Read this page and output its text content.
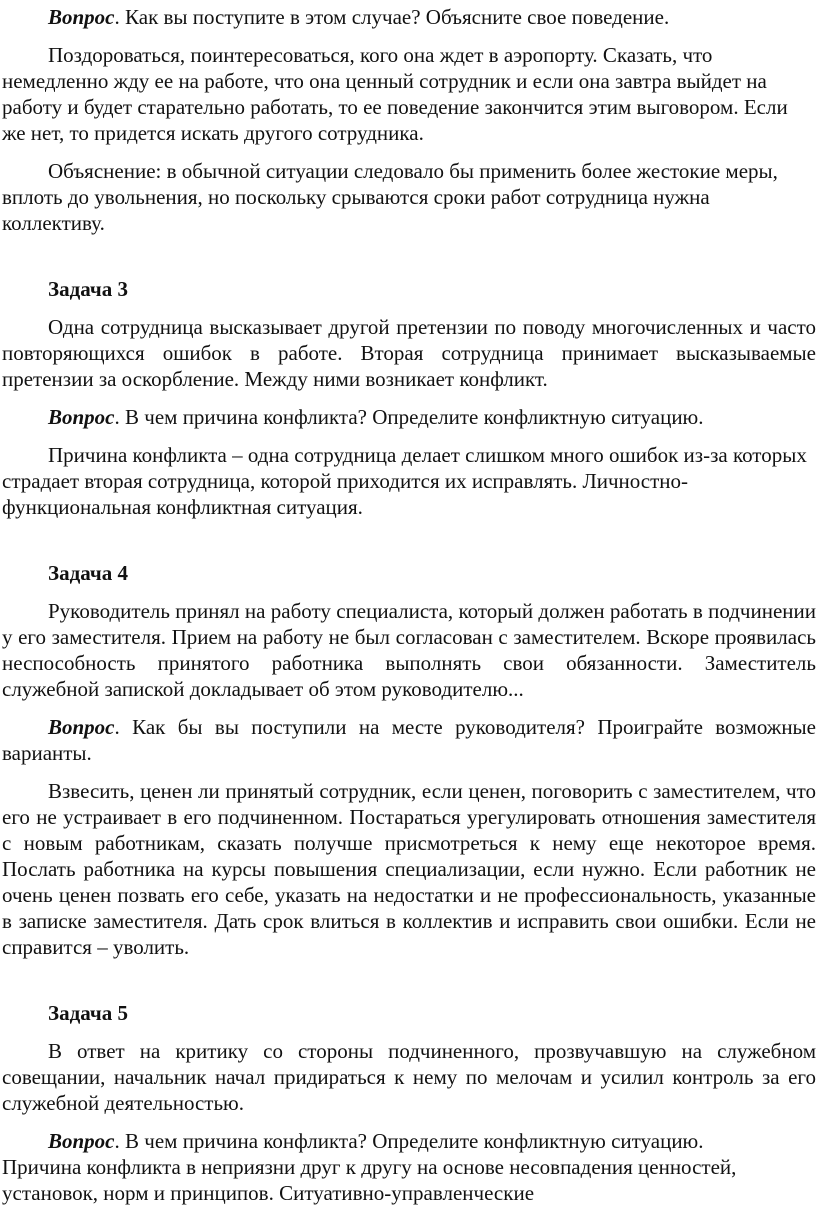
Вопрос. Как вы поступите в этом случае? Объясните свое поведение.

Поздороваться, поинтересоваться, кого она ждет в аэропорту. Сказать, что немедленно жду ее на работе, что она ценный сотрудник и если она завтра выйдет на работу и будет старательно работать, то ее поведение закончится этим выговором. Если же нет, то придется искать другого сотрудника.

Объяснение: в обычной ситуации следовало бы применить более жестокие меры, вплоть до увольнения, но поскольку срываются сроки работ сотрудница нужна коллективу.

Задача 3

Одна сотрудница высказывает другой претензии по поводу многочисленных и часто повторяющихся ошибок в работе. Вторая сотрудница принимает высказываемые претензии за оскорбление. Между ними возникает конфликт.

Вопрос. В чем причина конфликта? Определите конфликтную ситуацию.

Причина конфликта – одна сотрудница делает слишком много ошибок из-за которых страдает вторая сотрудница, которой приходится их исправлять. Личностно-функциональная конфликтная ситуация.

Задача 4

Руководитель принял на работу специалиста, который должен работать в подчинении у его заместителя. Прием на работу не был согласован с заместителем. Вскоре проявилась неспособность принятого работника выполнять свои обязанности. Заместитель служебной запиской докладывает об этом руководителю...

Вопрос. Как бы вы поступили на месте руководителя? Проиграйте возможные варианты.

Взвесить, ценен ли принятый сотрудник, если ценен, поговорить с заместителем, что его не устраивает в его подчиненном. Постараться урегулировать отношения заместителя с новым работникам, сказать получше присмотреться к нему еще некоторое время. Послать работника на курсы повышения специализации, если нужно. Если работник не очень ценен позвать его себе, указать на недостатки и не профессиональность, указанные в записке заместителя. Дать срок влиться в коллектив и исправить свои ошибки. Если не справится – уволить.

Задача 5

В ответ на критику со стороны подчиненного, прозвучавшую на служебном совещании, начальник начал придираться к нему по мелочам и усилил контроль за его служебной деятельностью.

Вопрос. В чем причина конфликта? Определите конфликтную ситуацию.

Причина конфликта в неприязни друг к другу на основе несовпадения ценностей, установок, норм и принципов. Ситуативно-управленческие
